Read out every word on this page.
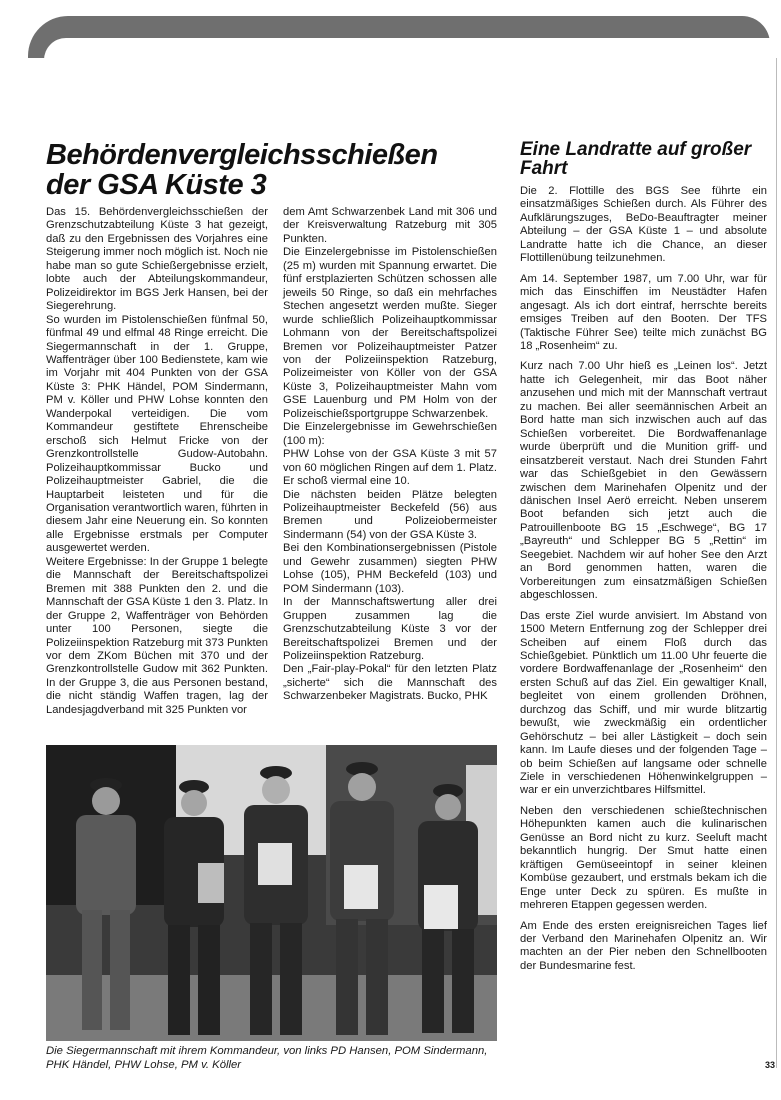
Behördenvergleichsschießen der GSA Küste 3

Das 15. Behördenvergleichsschießen der Grenzschutzabteilung Küste 3 hat gezeigt, daß zu den Ergebnissen des Vorjahres eine Steigerung immer noch möglich ist. Noch nie habe man so gute Schießergebnisse erzielt, lobte auch der Abteilungskommandeur, Polizeidirektor im BGS Jerk Hansen, bei der Siegerehrung.

So wurden im Pistolenschießen fünfmal 50, fünfmal 49 und elfmal 48 Ringe erreicht. Die Siegermannschaft in der 1. Gruppe, Waffenträger über 100 Bedienstete, kam wie im Vorjahr mit 404 Punkten von der GSA Küste 3: PHK Händel, POM Sindermann, PM v. Köller und PHW Lohse konnten den Wanderpokal verteidigen. Die vom Kommandeur gestiftete Ehrenscheibe erschoß sich Helmut Fricke von der Grenzkontrollstelle Gudow-Autobahn. Polizeihauptkommissar Bucko und Polizeihauptmeister Gabriel, die die Hauptarbeit leisteten und für die Organisation verantwortlich waren, führten in diesem Jahr eine Neuerung ein. So konnten alle Ergebnisse erstmals per Computer ausgewertet werden.

Weitere Ergebnisse: In der Gruppe 1 belegte die Mannschaft der Bereitschaftspolizei Bremen mit 388 Punkten den 2. und die Mannschaft der GSA Küste 1 den 3. Platz. In der Gruppe 2, Waffenträger von Behörden unter 100 Personen, siegte die Polizeiinspektion Ratzeburg mit 373 Punkten vor dem ZKom Büchen mit 370 und der Grenzkontrollstelle Gudow mit 362 Punkten. In der Gruppe 3, die aus Personen bestand, die nicht ständig Waffen tragen, lag der Landesjagdverband mit 325 Punkten vor

dem Amt Schwarzenbek Land mit 306 und der Kreisverwaltung Ratzeburg mit 305 Punkten.

Die Einzelergebnisse im Pistolenschießen (25 m) wurden mit Spannung erwartet. Die fünf erstplazierten Schützen schossen alle jeweils 50 Ringe, so daß ein mehrfaches Stechen angesetzt werden mußte. Sieger wurde schließlich Polizeihauptkommissar Lohmann von der Bereitschaftspolizei Bremen vor Polizeihauptmeister Patzer von der Polizeiinspektion Ratzeburg, Polizeimeister von Köller von der GSA Küste 3, Polizeihauptmeister Mahn vom GSE Lauenburg und PM Holm von der Polizeischießsportgruppe Schwarzenbek.

Die Einzelergebnisse im Gewehrschießen (100 m):

PHW Lohse von der GSA Küste 3 mit 57 von 60 möglichen Ringen auf dem 1. Platz. Er schoß viermal eine 10.

Die nächsten beiden Plätze belegten Polizeihauptmeister Beckefeld (56) aus Bremen und Polizeiobermeister Sindermann (54) von der GSA Küste 3.

Bei den Kombinationsergebnissen (Pistole und Gewehr zusammen) siegten PHW Lohse (105), PHM Beckefeld (103) und POM Sindermann (103).

In der Mannschaftswertung aller drei Gruppen zusammen lag die Grenzschutzabteilung Küste 3 vor der Bereitschaftspolizei Bremen und der Polizeiinspektion Ratzeburg.

Den „Fair-play-Pokal“ für den letzten Platz „sicherte“ sich die Mannschaft des Schwarzenbeker Magistrats. Bucko, PHK

Eine Landratte auf großer Fahrt

Die 2. Flottille des BGS See führte ein einsatzmäßiges Schießen durch. Als Führer des Aufklärungszuges, BeDo-Beauftragter meiner Abteilung – der GSA Küste 1 – und absolute Landratte hatte ich die Chance, an dieser Flottillenübung teilzunehmen.

Am 14. September 1987, um 7.00 Uhr, war für mich das Einschiffen im Neustädter Hafen angesagt. Als ich dort eintraf, herrschte bereits emsiges Treiben auf den Booten. Der TFS (Taktische Führer See) teilte mich zunächst BG 18 „Rosenheim“ zu.

Kurz nach 7.00 Uhr hieß es „Leinen los“. Jetzt hatte ich Gelegenheit, mir das Boot näher anzusehen und mich mit der Mannschaft vertraut zu machen. Bei aller seemännischen Arbeit an Bord hatte man sich inzwischen auch auf das Schießen vorbereitet. Die Bordwaffenanlage wurde überprüft und die Munition griff- und einsatzbereit verstaut. Nach drei Stunden Fahrt war das Schießgebiet in den Gewässern zwischen dem Marinehafen Olpenitz und der dänischen Insel Aerö erreicht. Neben unserem Boot befanden sich jetzt auch die Patrouillenboote BG 15 „Eschwege“, BG 17 „Bayreuth“ und Schlepper BG 5 „Rettin“ im Seegebiet. Nachdem wir auf hoher See den Arzt an Bord genommen hatten, waren die Vorbereitungen zum einsatzmäßigen Schießen abgeschlossen.

Das erste Ziel wurde anvisiert. Im Abstand von 1500 Metern Entfernung zog der Schlepper drei Scheiben auf einem Floß durch das Schießgebiet. Pünktlich um 11.00 Uhr feuerte die vordere Bordwaffenanlage der „Rosenheim“ den ersten Schuß auf das Ziel. Ein gewaltiger Knall, begleitet von einem grollenden Dröhnen, durchzog das Schiff, und mir wurde blitzartig bewußt, wie zweckmäßig ein ordentlicher Gehörschutz – bei aller Lästigkeit – doch sein kann. Im Laufe dieses und der folgenden Tage – ob beim Schießen auf langsame oder schnelle Ziele in verschiedenen Höhenwinkelgruppen – war er ein unverzichtbares Hilfsmittel.

Neben den verschiedenen schießtechnischen Höhepunkten kamen auch die kulinarischen Genüsse an Bord nicht zu kurz. Seeluft macht bekanntlich hungrig. Der Smut hatte einen kräftigen Gemüseeintopf in seiner kleinen Kombüse gezaubert, und erstmals bekam ich die Enge unter Deck zu spüren. Es mußte in mehreren Etappen gegessen werden.

Am Ende des ersten ereignisreichen Tages lief der Verband den Marinehafen Olpenitz an. Wir machten an der Pier neben den Schnellbooten der Bundesmarine fest.

Die Siegermannschaft mit ihrem Kommandeur, von links PD Hansen, POM Sindermann, PHK Händel, PHW Lohse, PM v. Köller	33
